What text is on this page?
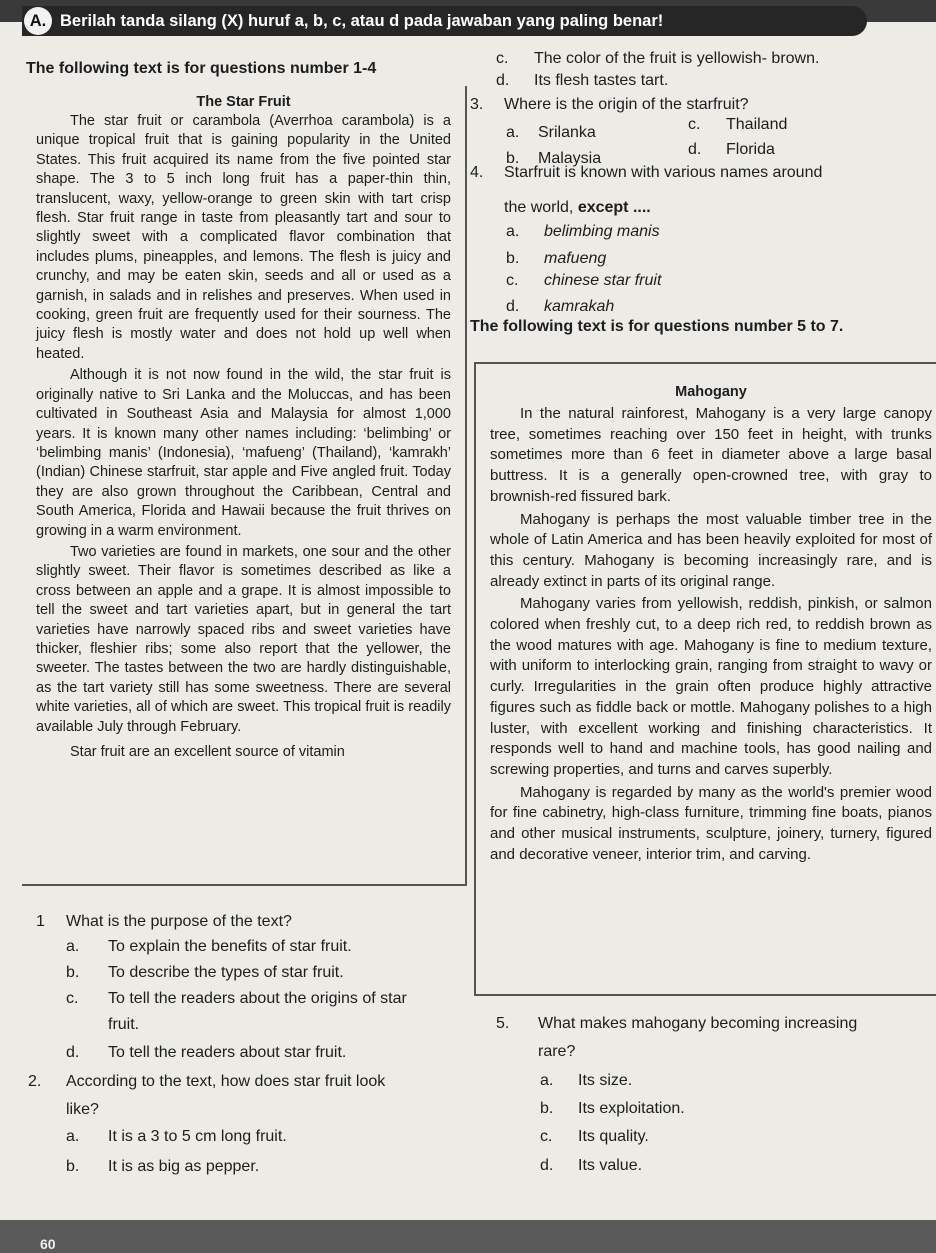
A. Berilah tanda silang (X) huruf a, b, c, atau d pada jawaban yang paling benar!
The following text is for questions number 1-4
The Star Fruit

The star fruit or carambola (Averrhoa carambola) is a unique tropical fruit that is gaining popularity in the United States. This fruit acquired its name from the five pointed star shape. The 3 to 5 inch long fruit has a paper-thin thin, translucent, waxy, yellow-orange to green skin with tart crisp flesh. Star fruit range in taste from pleasantly tart and sour to slightly sweet with a complicated flavor combination that includes plums, pineapples, and lemons. The flesh is juicy and crunchy, and may be eaten skin, seeds and all or used as a garnish, in salads and in relishes and preserves. When used in cooking, green fruit are frequently used for their sourness. The juicy flesh is mostly water and does not hold up well when heated.

Although it is not now found in the wild, the star fruit is originally native to Sri Lanka and the Moluccas, and has been cultivated in Southeast Asia and Malaysia for almost 1,000 years. It is known many other names including: ‘belimbing’ or ‘belimbing manis’ (Indonesia), ‘mafueng’ (Thailand), ‘kamrakh’ (Indian) Chinese starfruit, star apple and Five angled fruit. Today they are also grown throughout the Caribbean, Central and South America, Florida and Hawaii because the fruit thrives on growing in a warm environment.

Two varieties are found in markets, one sour and the other slightly sweet. Their flavor is sometimes described as like a cross between an apple and a grape. It is almost impossible to tell the sweet and tart varieties apart, but in general the tart varieties have narrowly spaced ribs and sweet varieties have thicker, fleshier ribs; some also report that the yellower, the sweeter. The tastes between the two are hardly distinguishable, as the tart variety still has some sweetness. There are several white varieties, all of which are sweet. This tropical fruit is readily available July through February.

Star fruit are an excellent source of vitamin

1 What is the purpose of the text?
a. To explain the benefits of star fruit.
b. To describe the types of star fruit.
c. To tell the readers about the origins of star
fruit.
d. To tell the readers about star fruit.
2. According to the text, how does star fruit look
like?
a. It is a 3 to 5 cm long fruit.
b. It is as big as pepper.
c. The color of the fruit is yellowish- brown.
d. Its flesh tastes tart.
3. Where is the origin of the starfruit?
a. Srilanka	c. Thailand
b. Malaysia
d. Florida
4. Starfruit is known with various names around
the world, except ....
a. belimbing manis
b. mafueng
c. chinese star fruit
d. kamrakah
The following text is for questions number 5 to 7.
Mahogany

In the natural rainforest, Mahogany is a very large canopy tree, sometimes reaching over 150 feet in height, with trunks sometimes more than 6 feet in diameter above a large basal buttress. It is a generally open-crowned tree, with gray to brownish-red fissured bark.

Mahogany is perhaps the most valuable timber tree in the whole of Latin America and has been heavily exploited for most of this century. Mahogany is becoming increasingly rare, and is already extinct in parts of its original range.

Mahogany varies from yellowish, reddish, pinkish, or salmon colored when freshly cut, to a deep rich red, to reddish brown as the wood matures with age. Mahogany is fine to medium texture, with uniform to interlocking grain, ranging from straight to wavy or curly. Irregularities in the grain often produce highly attractive figures such as fiddle back or mottle. Mahogany polishes to a high luster, with excellent working and finishing characteristics. It responds well to hand and machine tools, has good nailing and screwing properties, and turns and carves superbly.

Mahogany is regarded by many as the world's premier wood for fine cabinetry, high-class furniture, trimming fine boats, pianos and other musical instruments, sculpture, joinery, turnery, figured and decorative veneer, interior trim, and carving.

5. What makes mahogany becoming increasing
rare?
a. Its size.
b. Its exploitation.
c. Its quality.
d. Its value.
60
